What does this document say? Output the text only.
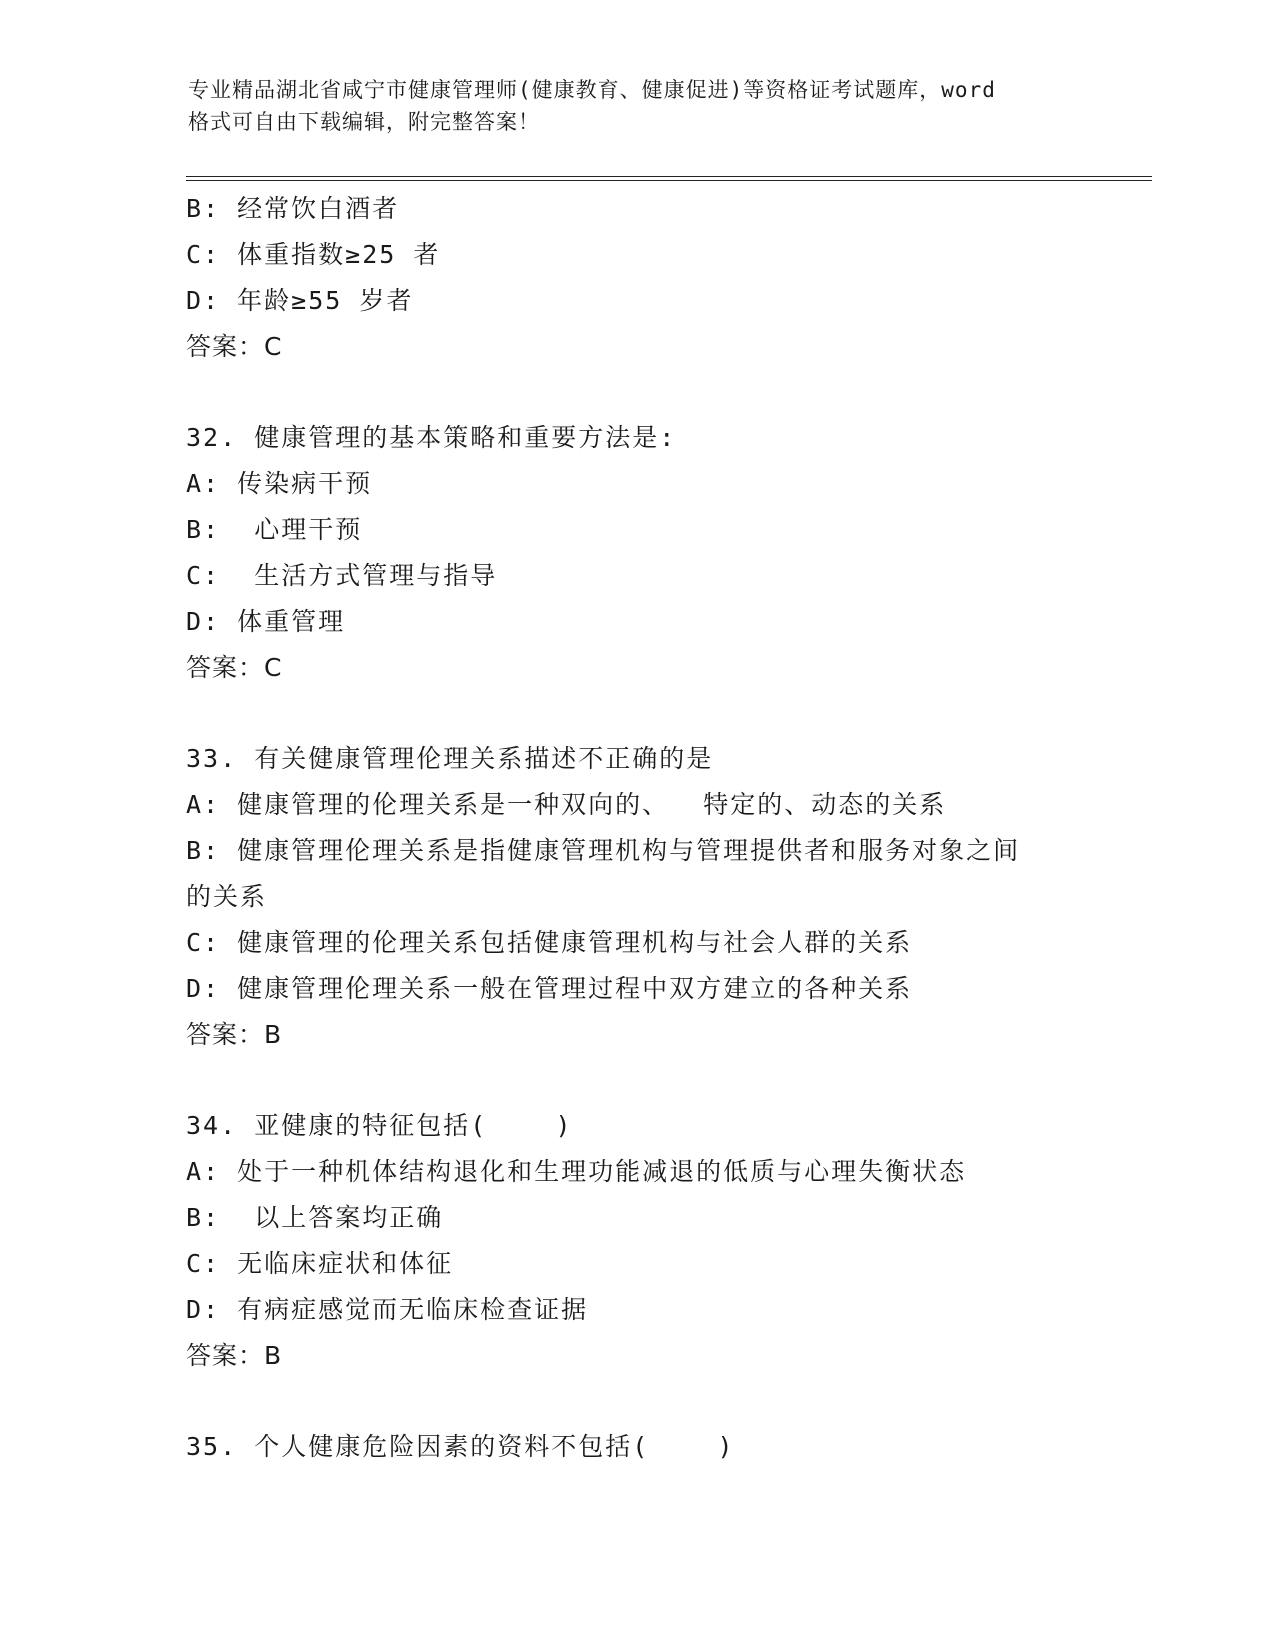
专业精品湖北省咸宁市健康管理师(健康教育、健康促进)等资格证考试题库，word
格式可自由下载编辑，附完整答案！
B: 经常饮白酒者
C: 体重指数≥25 者
D: 年龄≥55 岁者
答案：C
32. 健康管理的基本策略和重要方法是:
A: 传染病干预
B:  心理干预
C:  生活方式管理与指导
D: 体重管理
答案：C
33. 有关健康管理伦理关系描述不正确的是
A: 健康管理的伦理关系是一种双向的、  特定的、动态的关系
B: 健康管理伦理关系是指健康管理机构与管理提供者和服务对象之间
的关系
C: 健康管理的伦理关系包括健康管理机构与社会人群的关系
D: 健康管理伦理关系一般在管理过程中双方建立的各种关系
答案：B
34. 亚健康的特征包括(    )
A: 处于一种机体结构退化和生理功能减退的低质与心理失衡状态
B:  以上答案均正确
C: 无临床症状和体征
D: 有病症感觉而无临床检查证据
答案：B
35. 个人健康危险因素的资料不包括(    )
